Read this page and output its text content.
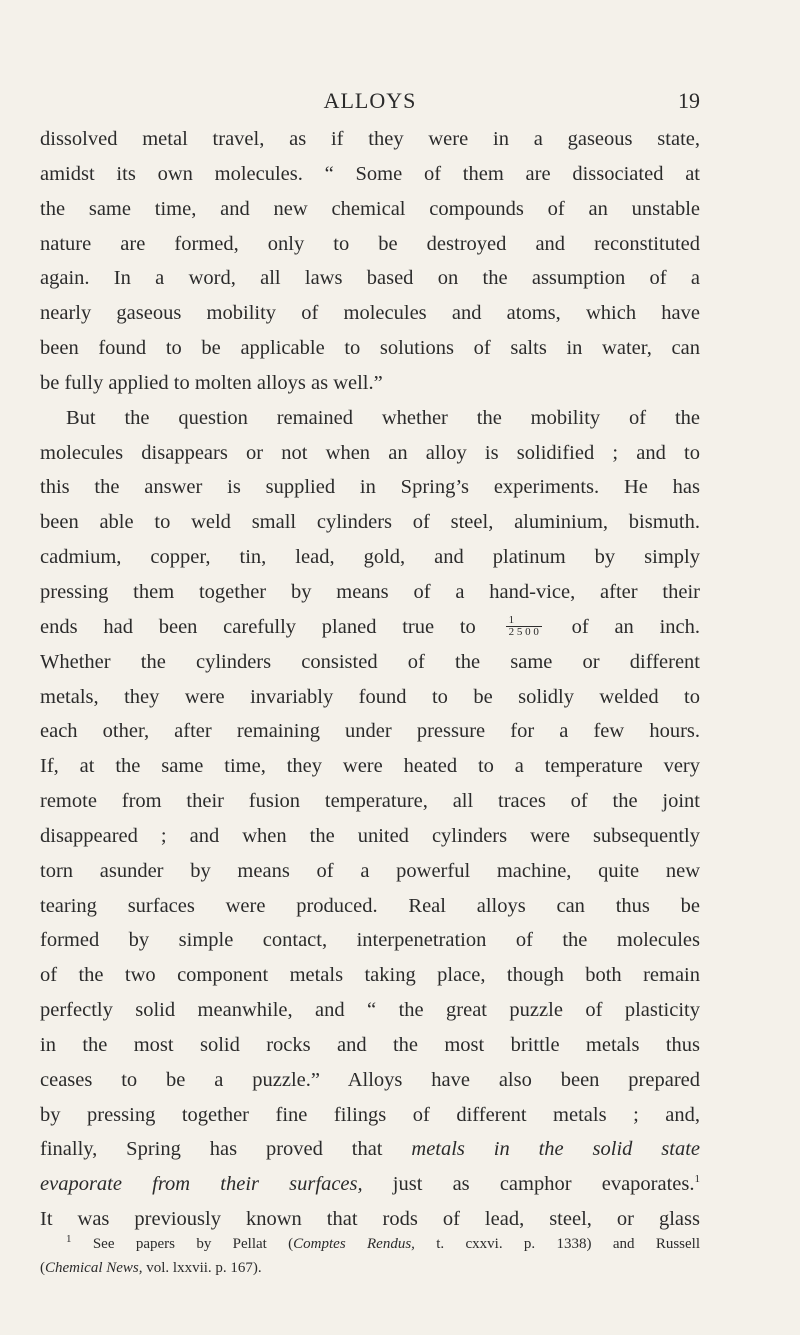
ALLOYS	19
dissolved metal travel, as if they were in a gaseous state,
amidst its own molecules. “ Some of them are dissociated at
the same time, and new chemical compounds of an unstable
nature are formed, only to be destroyed and reconstituted
again. In a word, all laws based on the assumption of a
nearly gaseous mobility of molecules and atoms, which have
been found to be applicable to solutions of salts in water, can
be fully applied to molten alloys as well.”
But the question remained whether the mobility of the
molecules disappears or not when an alloy is solidified ; and to
this the answer is supplied in Spring’s experiments. He has
been able to weld small cylinders of steel, aluminium, bismuth.
cadmium, copper, tin, lead, gold, and platinum by simply
pressing them together by means of a hand-vice, after their
ends had been carefully planed true to	$\frac{1}{2 5 0 0}$ of an inch.
Whether the cylinders consisted of the same or different
metals, they were invariably found to be solidly welded to
each other, after remaining under pressure for a few hours.
If, at the same time, they were heated to a temperature very
remote from their fusion temperature, all traces of the joint
disappeared ; and when the united cylinders were subsequently
torn asunder by means of a powerful machine, quite new
tearing surfaces were produced. Real alloys can thus be
formed by simple contact, interpenetration of the molecules
of the two component metals taking place, though both remain
perfectly solid meanwhile, and “ the great puzzle of plasticity
in the most solid rocks and the most brittle metals thus
ceases to be a puzzle.” Alloys have also been prepared
by pressing together fine filings of different metals ; and,
finally, Spring has proved that metals in the solid state
evaporate from their surfaces, just as camphor evaporates.$^1$
It was previously known that rods of lead, steel, or glass
$^1$ See papers by Pellat (Comptes Rendus, t. cxxvi. p. 1338) and Russell
(Chemical News, vol. lxxvii. p. 167).
